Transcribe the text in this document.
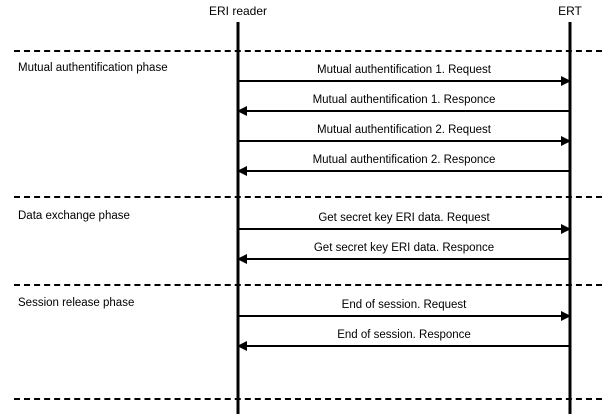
ERI reader	ERT
Mutual authentification phase
Data exchange phase
Session release phase
Mutual authentification 1. Request
Mutual authentification 1. Responce
Mutual authentification 2. Request
Mutual authentification 2. Responce
Get secret key ERI data. Request
Get secret key ERI data. Responce
End of session. Request
End of session. Responce
